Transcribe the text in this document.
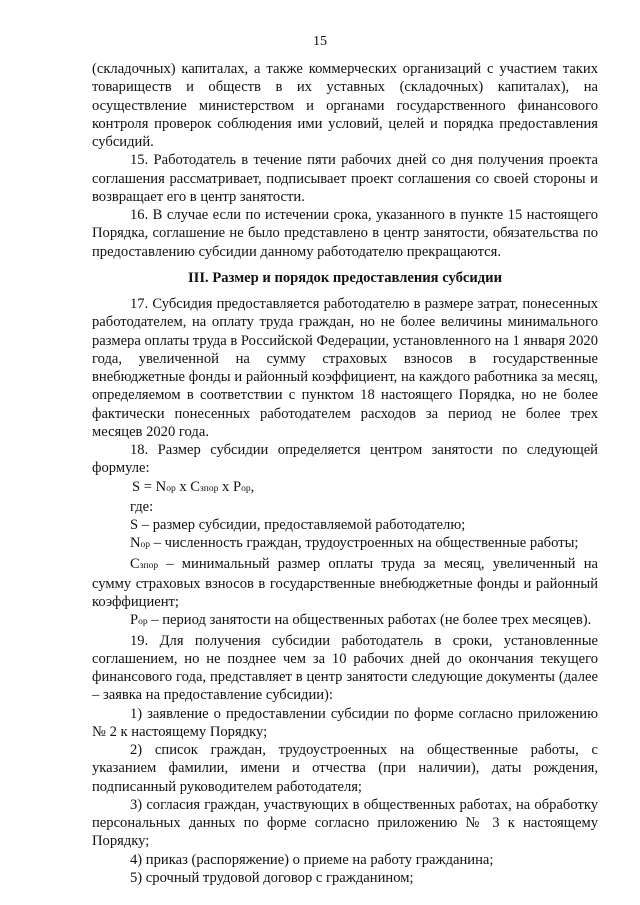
15

(складочных) капиталах, а также коммерческих организаций с участием таких товариществ и обществ в их уставных (складочных) капиталах), на осуществление министерством и органами государственного финансового контроля проверок соблюдения ими условий, целей и порядка предоставления субсидий.

15. Работодатель в течение пяти рабочих дней со дня получения проекта соглашения рассматривает, подписывает проект соглашения со своей стороны и возвращает его в центр занятости.

16. В случае если по истечении срока, указанного в пункте 15 настоящего Порядка, соглашение не было представлено в центр занятости, обязательства по предоставлению субсидии данному работодателю прекращаются.

III. Размер и порядок предоставления субсидии

17. Субсидия предоставляется работодателю в размере затрат, понесенных работодателем, на оплату труда граждан, но не более величины минимального размера оплаты труда в Российской Федерации, установленного на 1 января 2020 года, увеличенной на сумму страховых взносов в государственные внебюджетные фонды и районный коэффициент, на каждого работника за месяц, определяемом в соответствии с пунктом 18 настоящего Порядка, но не более фактически понесенных работодателем расходов за период не более трех месяцев 2020 года.

18. Размер субсидии определяется центром занятости по следующей формуле:

S = Nop x Cзпор x Pop,

где:

S – размер субсидии, предоставляемой работодателю;

Nop – численность граждан, трудоустроенных на общественные работы;

Cзпор – минимальный размер оплаты труда за месяц, увеличенный на сумму страховых взносов в государственные внебюджетные фонды и районный коэффициент;

Pop – период занятости на общественных работах (не более трех месяцев).

19. Для получения субсидии работодатель в сроки, установленные соглашением, но не позднее чем за 10 рабочих дней до окончания текущего финансового года, представляет в центр занятости следующие документы (далее – заявка на предоставление субсидии):

1) заявление о предоставлении субсидии по форме согласно приложению № 2 к настоящему Порядку;

2) список граждан, трудоустроенных на общественные работы, с указанием фамилии, имени и отчества (при наличии), даты рождения, подписанный руководителем работодателя;

3) согласия граждан, участвующих в общественных работах, на обработку персональных данных по форме согласно приложению № 3 к настоящему Порядку;

4) приказ (распоряжение) о приеме на работу гражданина;

5) срочный трудовой договор с гражданином;
